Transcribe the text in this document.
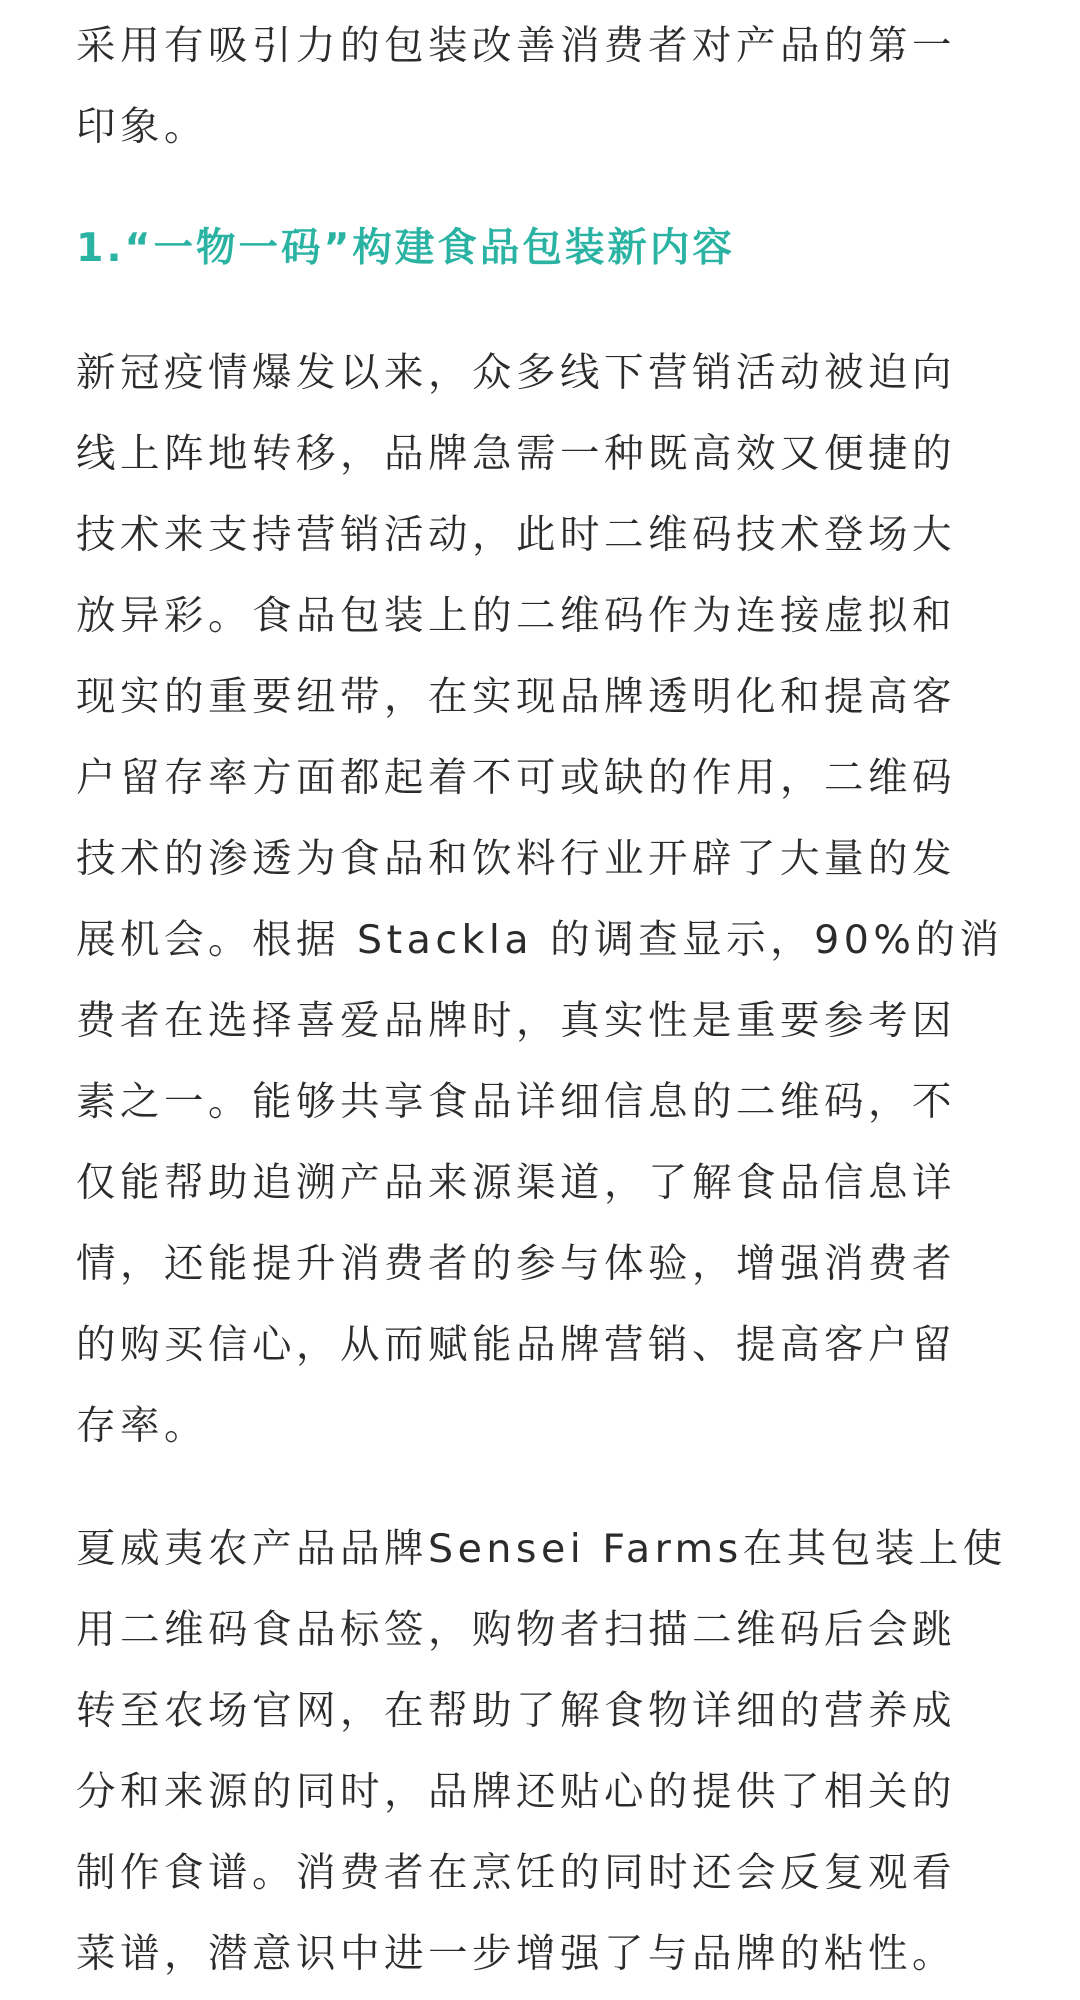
采用有吸引力的包装改善消费者对产品的第一
印象。

1.“一物一码”构建食品包装新内容

新冠疫情爆发以来，众多线下营销活动被迫向
线上阵地转移，品牌急需一种既高效又便捷的
技术来支持营销活动，此时二维码技术登场大
放异彩。食品包装上的二维码作为连接虚拟和
现实的重要纽带，在实现品牌透明化和提高客
户留存率方面都起着不可或缺的作用，二维码
技术的渗透为食品和饮料行业开辟了大量的发
展机会。根据 Stackla 的调查显示，90%的消
费者在选择喜爱品牌时，真实性是重要参考因
素之一。能够共享食品详细信息的二维码，不
仅能帮助追溯产品来源渠道，了解食品信息详
情，还能提升消费者的参与体验，增强消费者
的购买信心，从而赋能品牌营销、提高客户留
存率。

夏威夷农产品品牌Sensei Farms在其包装上使
用二维码食品标签，购物者扫描二维码后会跳
转至农场官网，在帮助了解食物详细的营养成
分和来源的同时，品牌还贴心的提供了相关的
制作食谱。消费者在烹饪的同时还会反复观看
菜谱，潜意识中进一步增强了与品牌的粘性。
